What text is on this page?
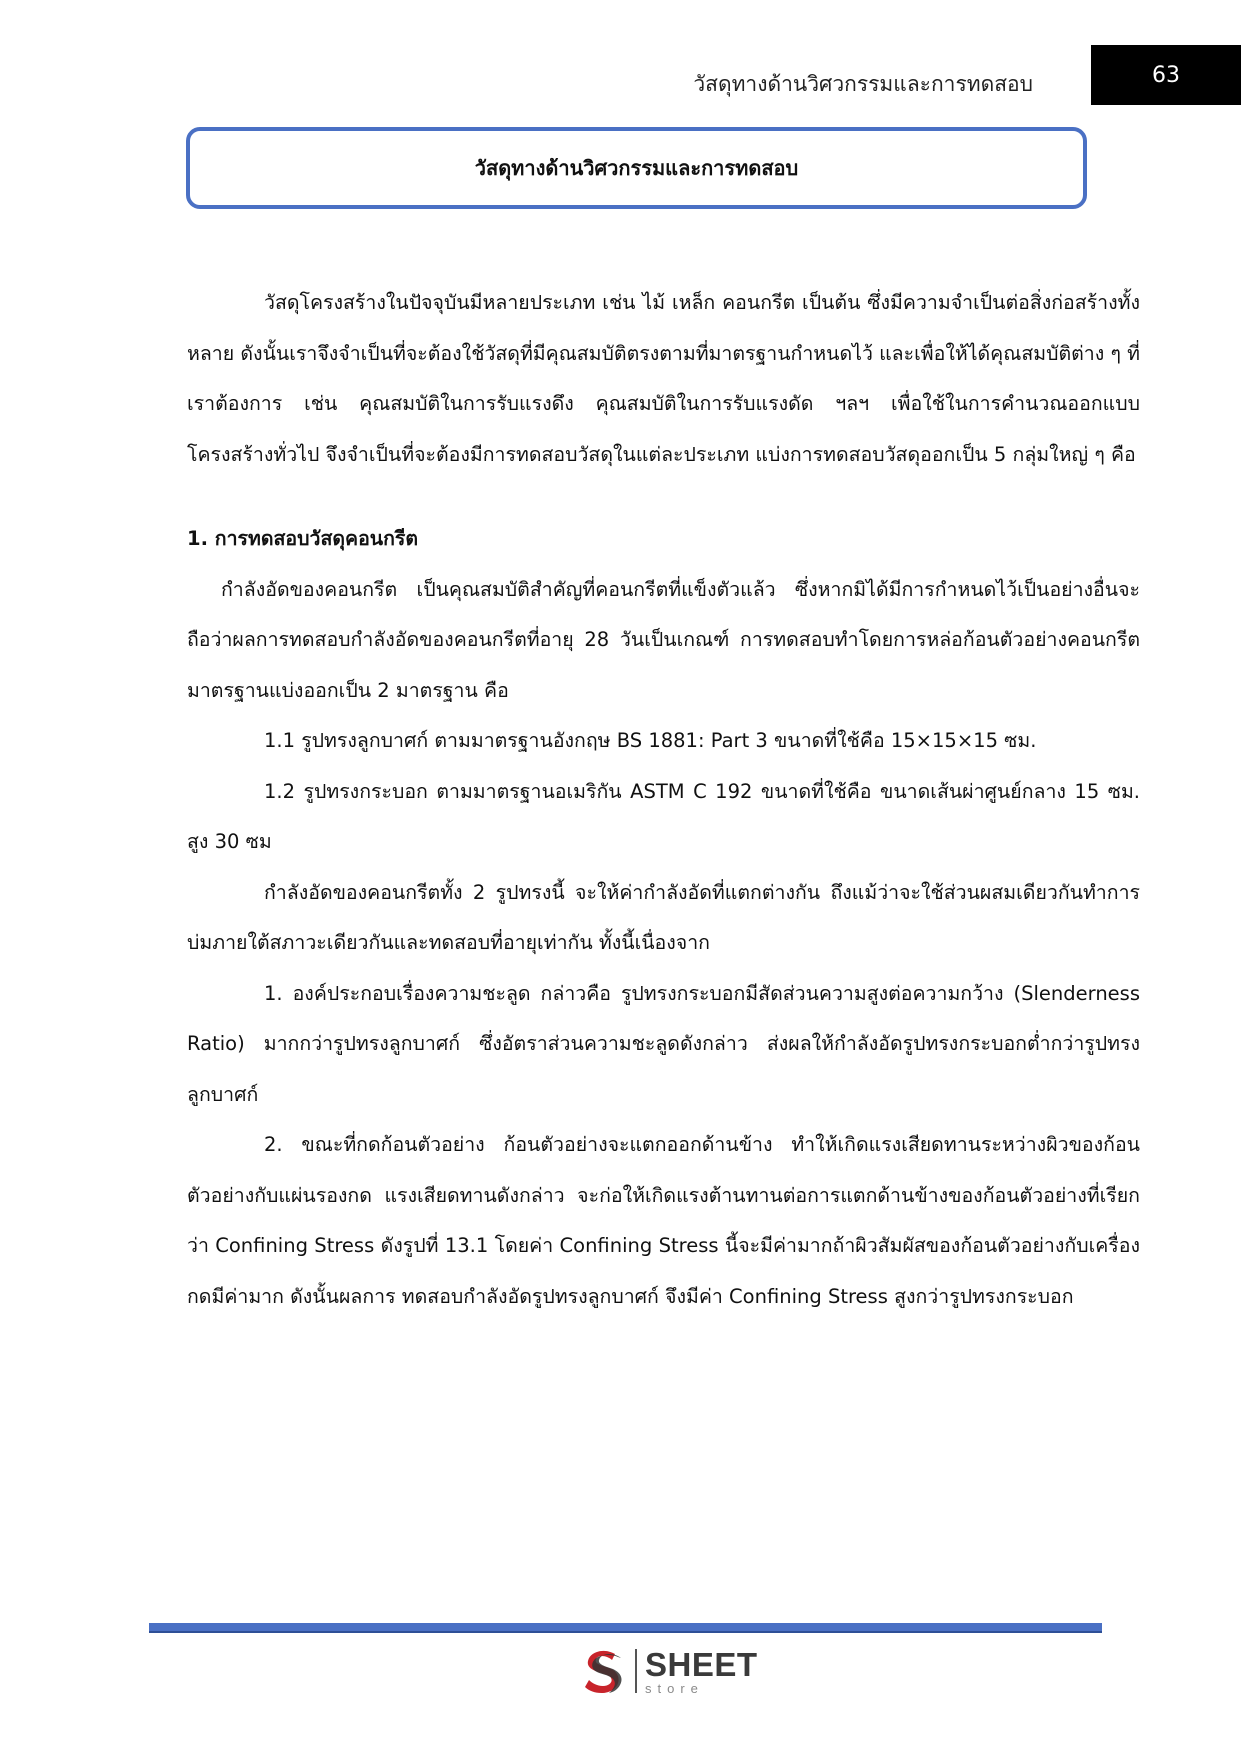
วัสดุทางด้านวิศวกรรมและการทดสอบ	63
วัสดุทางด้านวิศวกรรมและการทดสอบ

วัสดุโครงสร้างในปัจจุบันมีหลายประเภท เช่น ไม้ เหล็ก คอนกรีต เป็นต้น ซึ่งมีความจำเป็นต่อสิ่งก่อสร้างทั้งหลาย ดังนั้นเราจึงจำเป็นที่จะต้องใช้วัสดุที่มีคุณสมบัติตรงตามที่มาตรฐานกำหนดไว้ และเพื่อให้ได้คุณสมบัติต่าง ๆ ที่เราต้องการ เช่น คุณสมบัติในการรับแรงดึง คุณสมบัติในการรับแรงดัด ฯลฯ เพื่อใช้ในการคำนวณออกแบบโครงสร้างทั่วไป จึงจำเป็นที่จะต้องมีการทดสอบวัสดุในแต่ละประเภท แบ่งการทดสอบวัสดุออกเป็น 5 กลุ่มใหญ่ ๆ คือ

1. การทดสอบวัสดุคอนกรีต

กำลังอัดของคอนกรีต เป็นคุณสมบัติสำคัญที่คอนกรีตที่แข็งตัวแล้ว ซึ่งหากมิได้มีการกำหนดไว้เป็นอย่างอื่นจะถือว่าผลการทดสอบกำลังอัดของคอนกรีตที่อายุ 28 วันเป็นเกณฑ์ การทดสอบทำโดยการหล่อก้อนตัวอย่างคอนกรีตมาตรฐานแบ่งออกเป็น 2 มาตรฐาน คือ

1.1 รูปทรงลูกบาศก์ ตามมาตรฐานอังกฤษ BS 1881: Part 3 ขนาดที่ใช้คือ 15×15×15 ซม.

1.2 รูปทรงกระบอก ตามมาตรฐานอเมริกัน ASTM C 192 ขนาดที่ใช้คือ ขนาดเส้นผ่าศูนย์กลาง 15 ซม. สูง 30 ซม

กำลังอัดของคอนกรีตทั้ง 2 รูปทรงนี้ จะให้ค่ากำลังอัดที่แตกต่างกัน ถึงแม้ว่าจะใช้ส่วนผสมเดียวกันทำการบ่มภายใต้สภาวะเดียวกันและทดสอบที่อายุเท่ากัน ทั้งนี้เนื่องจาก

1. องค์ประกอบเรื่องความชะลูด กล่าวคือ รูปทรงกระบอกมีสัดส่วนความสูงต่อความกว้าง (Slenderness Ratio) มากกว่ารูปทรงลูกบาศก์ ซึ่งอัตราส่วนความชะลูดดังกล่าว ส่งผลให้กำลังอัดรูปทรงกระบอกต่ำกว่ารูปทรงลูกบาศก์

2. ขณะที่กดก้อนตัวอย่าง ก้อนตัวอย่างจะแตกออกด้านข้าง ทำให้เกิดแรงเสียดทานระหว่างผิวของก้อนตัวอย่างกับแผ่นรองกด แรงเสียดทานดังกล่าว จะก่อให้เกิดแรงต้านทานต่อการแตกด้านข้างของก้อนตัวอย่างที่เรียกว่า Confining Stress ดังรูปที่ 13.1 โดยค่า Confining Stress นี้จะมีค่ามากถ้าผิวสัมผัสของก้อนตัวอย่างกับเครื่องกดมีค่ามาก ดังนั้นผลการ ทดสอบกำลังอัดรูปทรงลูกบาศก์ จึงมีค่า Confining Stress สูงกว่ารูปทรงกระบอก

SHEET
store
